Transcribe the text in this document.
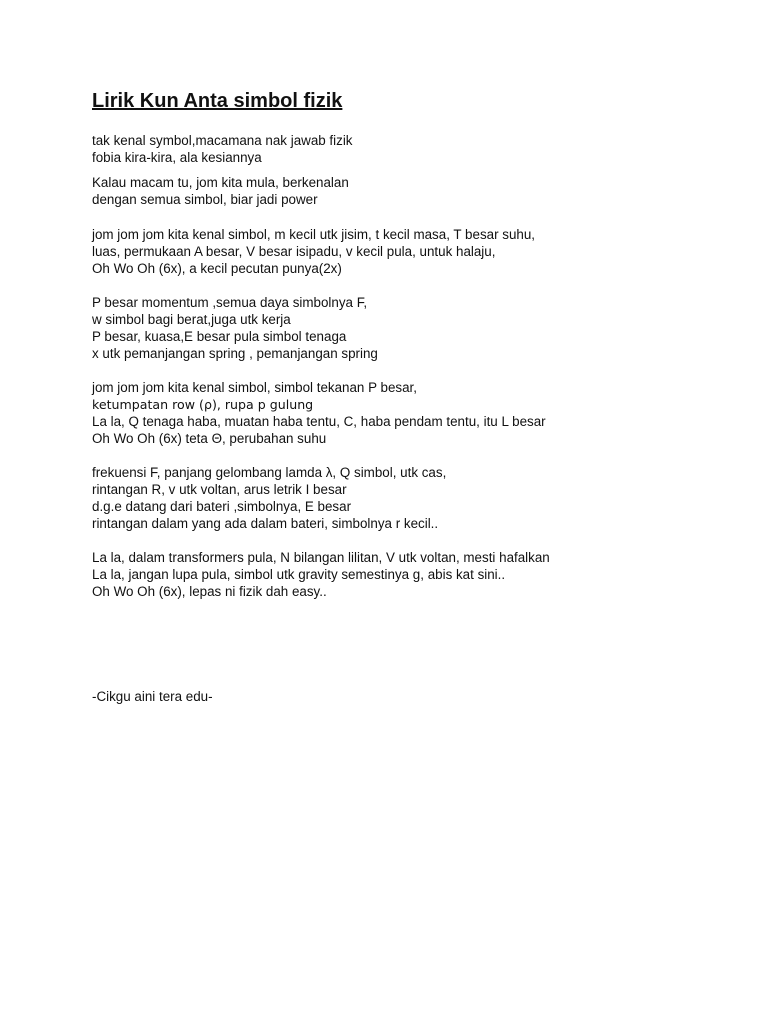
Lirik Kun Anta simbol fizik
tak kenal symbol,macamana nak jawab fizik
fobia kira-kira, ala kesiannya
Kalau macam tu, jom kita mula, berkenalan
dengan semua simbol, biar jadi power
jom jom jom kita kenal simbol, m kecil utk jisim, t kecil masa, T besar suhu,
luas, permukaan A besar, V besar isipadu, v kecil pula, untuk halaju,
Oh Wo Oh (6x), a kecil pecutan punya(2x)
P besar momentum ,semua daya simbolnya F,
w simbol bagi berat,juga utk kerja
P besar, kuasa,E besar pula simbol tenaga
x utk pemanjangan spring , pemanjangan spring
jom jom jom kita kenal simbol, simbol tekanan P besar,
ketumpatan row (ρ), rupa p gulung
La la, Q tenaga haba, muatan haba tentu, C, haba pendam tentu, itu L besar
Oh Wo Oh (6x) teta Θ, perubahan suhu
frekuensi F, panjang gelombang lamda λ, Q simbol, utk cas,
rintangan R, v utk voltan, arus letrik I besar
d.g.e datang dari bateri ,simbolnya, E besar
rintangan dalam yang ada dalam bateri, simbolnya r kecil..
La la, dalam transformers pula, N bilangan lilitan, V utk voltan, mesti hafalkan
La la, jangan lupa pula, simbol utk gravity semestinya g, abis kat sini..
Oh Wo Oh (6x), lepas ni fizik dah easy..
-Cikgu aini tera edu-
